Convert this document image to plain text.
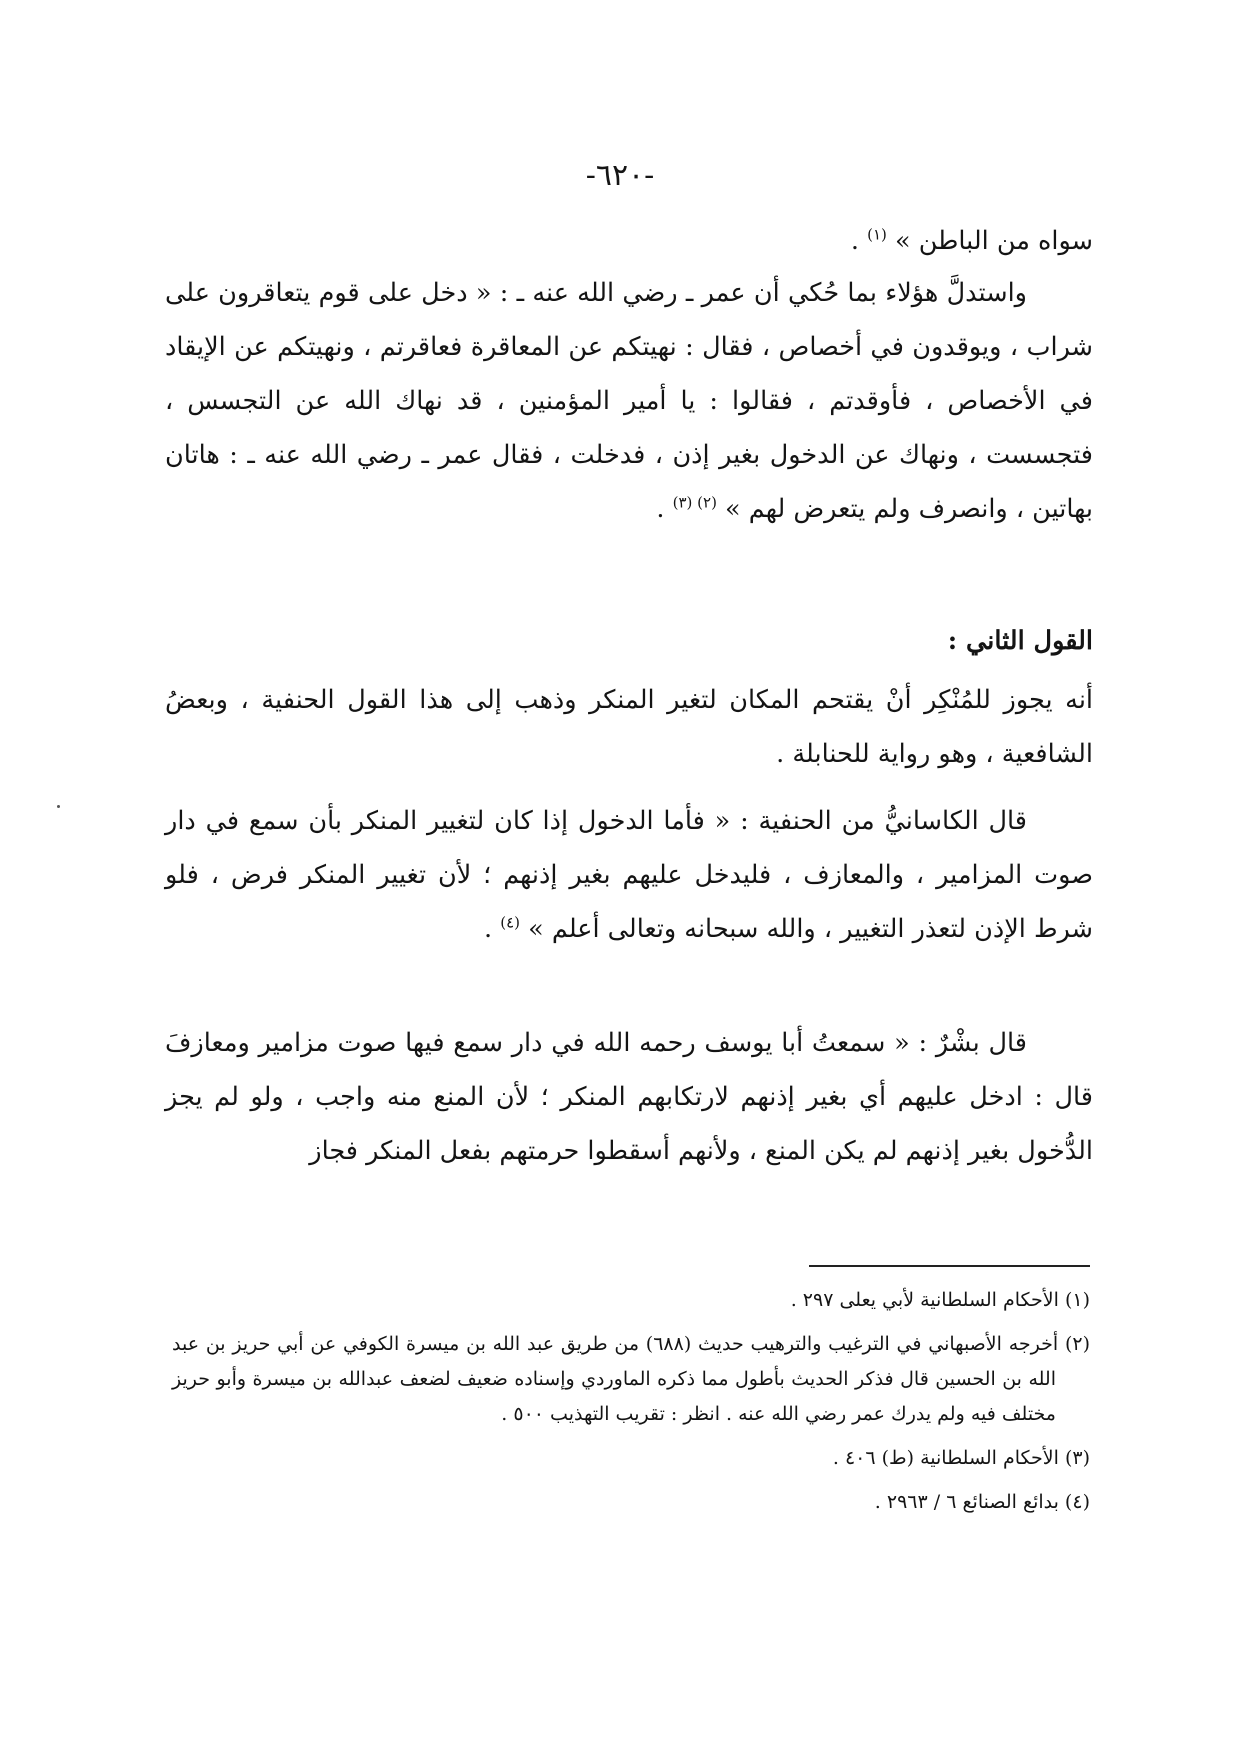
-٦٢٠-

سواه من الباطن » $^{(١)}$ .

واستدلَّ هؤلاء بما حُكي أن عمر ـ رضي الله عنه ـ : « دخل على قوم يتعاقرون على شراب ، ويوقدون في أخصاص ، فقال : نهيتكم عن المعاقرة فعاقرتم ، ونهيتكم عن الإيقاد في الأخصاص ، فأوقدتم ، فقالوا : يا أمير المؤمنين ، قد نهاك الله عن التجسس ، فتجسست ، ونهاك عن الدخول بغير إذن ، فدخلت ، فقال عمر ـ رضي الله عنه ـ : هاتان بهاتين ، وانصرف ولم يتعرض لهم » $^{(٢) (٣)}$ .

القول الثاني :

أنه يجوز للمُنْكِر أنْ يقتحم المكان لتغير المنكر وذهب إلى هذا القول الحنفية ، وبعضُ الشافعية ، وهو رواية للحنابلة .

قال الكاسانيُّ من الحنفية : « فأما الدخول إذا كان لتغيير المنكر بأن سمع في دار صوت المزامير ، والمعازف ، فليدخل عليهم بغير إذنهم ؛ لأن تغيير المنكر فرض ، فلو شرط الإذن لتعذر التغيير ، والله سبحانه وتعالى أعلم » $^{(٤)}$ .

قال بشْرٌ : « سمعتُ أبا يوسف رحمه الله في دار سمع فيها صوت مزامير ومعازفَ قال : ادخل عليهم أي بغير إذنهم لارتكابهم المنكر ؛ لأن المنع منه واجب ، ولو لم يجز الدُّخول بغير إذنهم لم يكن المنع ، ولأنهم أسقطوا حرمتهم بفعل المنكر فجاز

(١) الأحكام السلطانية لأبي يعلى ٢٩٧ .

(٢) أخرجه الأصبهاني في الترغيب والترهيب حديث (٦٨٨) من طريق عبد الله بن ميسرة الكوفي عن أبي حريز بن عبد الله بن الحسين قال فذكر الحديث بأطول مما ذكره الماوردي وإسناده ضعيف لضعف عبدالله بن ميسرة وأبو حريز مختلف فيه ولم يدرك عمر رضي الله عنه . انظر : تقريب التهذيب ٥٠٠ .

(٣) الأحكام السلطانية (ط) ٤٠٦ .

(٤) بدائع الصنائع ٦ / ٢٩٦٣ .
